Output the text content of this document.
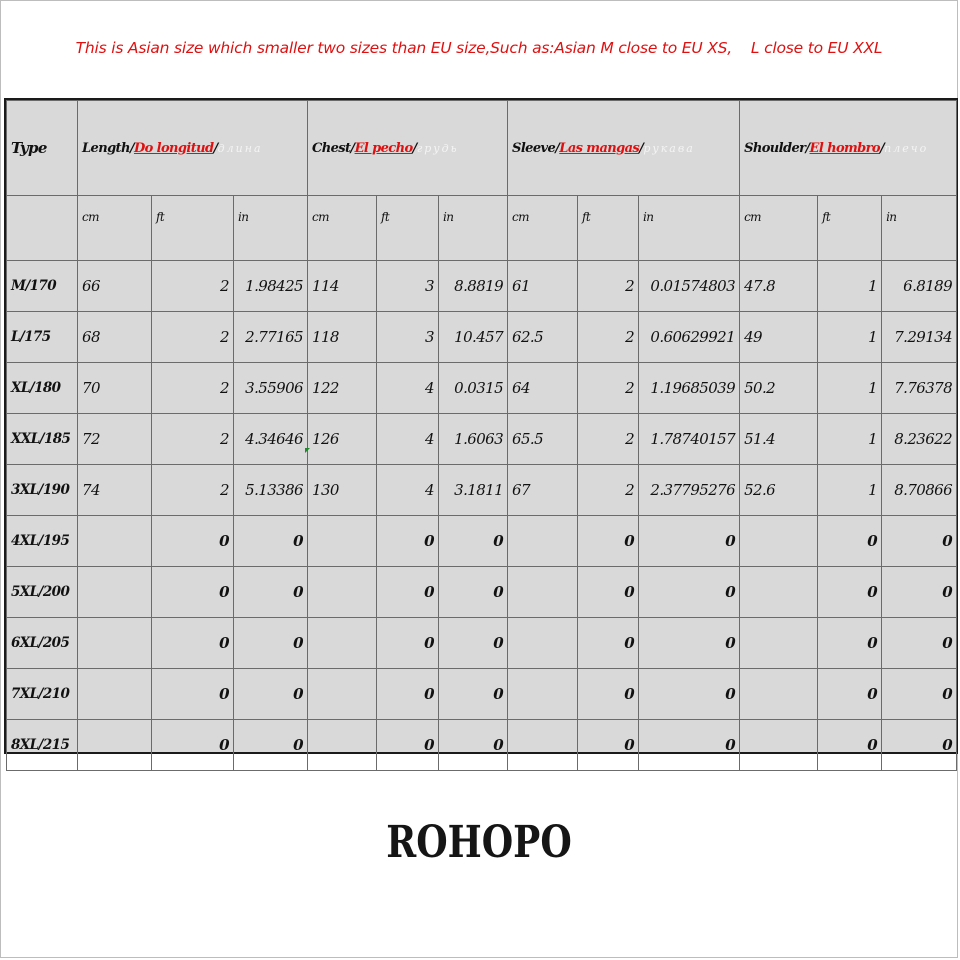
This is Asian size which smaller two sizes than EU size,Such as:Asian M close to EU XS,    L close to EU XXL
Type	Length/Do longitud/длина			Chest/El pecho/грудь			Sleeve/Las mangas/рукава			Shoulder/El hombro/плечо		
	cm	ft	in	cm	ft	in	cm	ft	in	cm	ft	in
M/170	66	2	1.98425	114	3	8.8819	61	2	0.01574803	47.8	1	6.8189
L/175	68	2	2.77165	118	3	10.457	62.5	2	0.60629921	49	1	7.29134
XL/180	70	2	3.55906	122	4	0.0315	64	2	1.19685039	50.2	1	7.76378
XXL/185	72	2	4.34646	126	4	1.6063	65.5	2	1.78740157	51.4	1	8.23622
3XL/190	74	2	5.13386	130	4	3.1811	67	2	2.37795276	52.6	1	8.70866
4XL/195		0	0		0	0		0	0		0	0
5XL/200		0	0		0	0		0	0		0	0
6XL/205		0	0		0	0		0	0		0	0
7XL/210		0	0		0	0		0	0		0	0
8XL/215		0	0		0	0		0	0		0	0
ROHOPO
